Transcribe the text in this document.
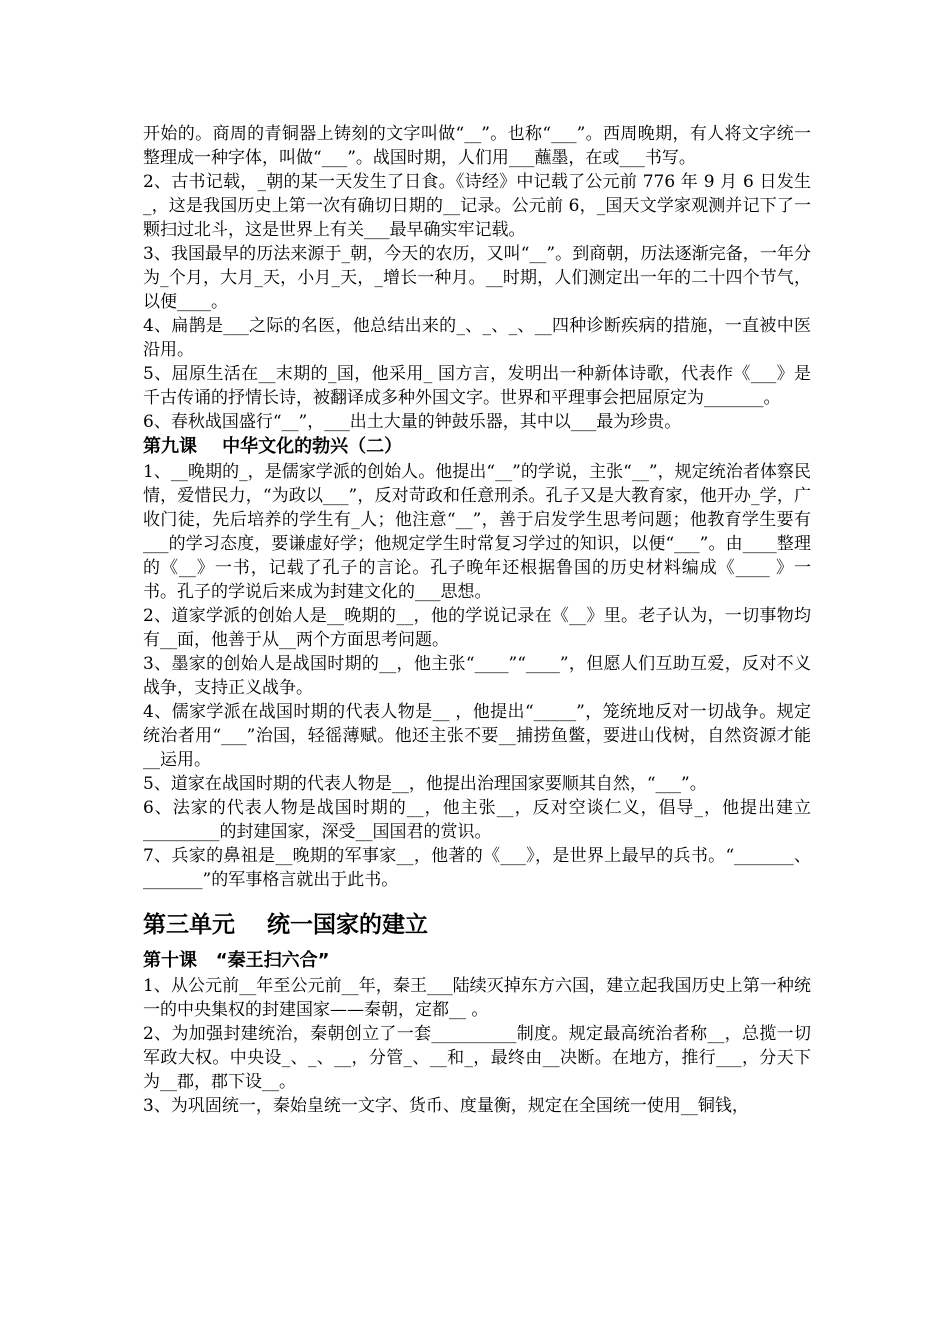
开始的。商周的青铜器上铸刻的文字叫做“__”。也称“___”。西周晚期，有人将文字统一整理成一种字体，叫做“___”。战国时期，人们用___蘸墨，在或___书写。

2、古书记载，_朝的某一天发生了日食。《诗经》中记载了公元前 776 年 9 月 6 日发生_，这是我国历史上第一次有确切日期的__记录。公元前 6，_国天文学家观测并记下了一颗扫过北斗，这是世界上有关___最早确实牢记载。

3、我国最早的历法来源于_朝，今天的农历，又叫“__”。到商朝，历法逐渐完备，一年分为_个月，大月_天，小月_天，_增长一种月。__时期，人们测定出一年的二十四个节气，以便____。

4、扁鹊是___之际的名医，他总结出来的_、_、_、__四种诊断疾病的措施，一直被中医沿用。

5、屈原生活在__末期的_国，他采用_ 国方言，发明出一种新体诗歌，代表作《___》是千古传诵的抒情长诗，被翻译成多种外国文字。世界和平理事会把屈原定为_______。

6、春秋战国盛行“__”，___出土大量的钟鼓乐器，其中以___最为珍贵。

第九课    中华文化的勃兴（二）

1、__晚期的_，是儒家学派的创始人。他提出“__”的学说，主张“__”，规定统治者体察民情，爱惜民力，“为政以___”，反对苛政和任意刑杀。孔子又是大教育家，他开办_学，广收门徒，先后培养的学生有_人；他注意“__”，善于启发学生思考问题；他教育学生要有___的学习态度，要谦虚好学；他规定学生时常复习学过的知识，以便“___”。由____整理的《__》一书，记载了孔子的言论。孔子晚年还根据鲁国的历史材料编成《____ 》一书。孔子的学说后来成为封建文化的___思想。

2、道家学派的创始人是__晚期的__，他的学说记录在《__》里。老子认为，一切事物均有__面，他善于从__两个方面思考问题。

3、墨家的创始人是战国时期的__，他主张“____”“____”，但愿人们互助互爱，反对不义战争，支持正义战争。

4、儒家学派在战国时期的代表人物是__ ，他提出“_____”，笼统地反对一切战争。规定统治者用“___”治国，轻徭薄赋。他还主张不要__捕捞鱼鳖，要进山伐树，自然资源才能__运用。

5、道家在战国时期的代表人物是__，他提出治理国家要顺其自然，“___”。

6、法家的代表人物是战国时期的__，他主张__，反对空谈仁义，倡导_，他提出建立_________的封建国家，深受__国国君的赏识。

7、兵家的鼻祖是__晚期的军事家__，他著的《___》，是世界上最早的兵书。“_______、_______”的军事格言就出于此书。

第三单元    统一国家的建立
第十课   “秦王扫六合”

1、从公元前__年至公元前__年，秦王___陆续灭掉东方六国，建立起我国历史上第一种统一的中央集权的封建国家——秦朝，定都__ 。

2、为加强封建统治，秦朝创立了一套__________制度。规定最高统治者称__，总揽一切军政大权。中央设_、_、__，分管_、__和_，最终由__决断。在地方，推行___，分天下为__郡，郡下设__。

3、为巩固统一，秦始皇统一文字、货币、度量衡，规定在全国统一使用__铜钱，
